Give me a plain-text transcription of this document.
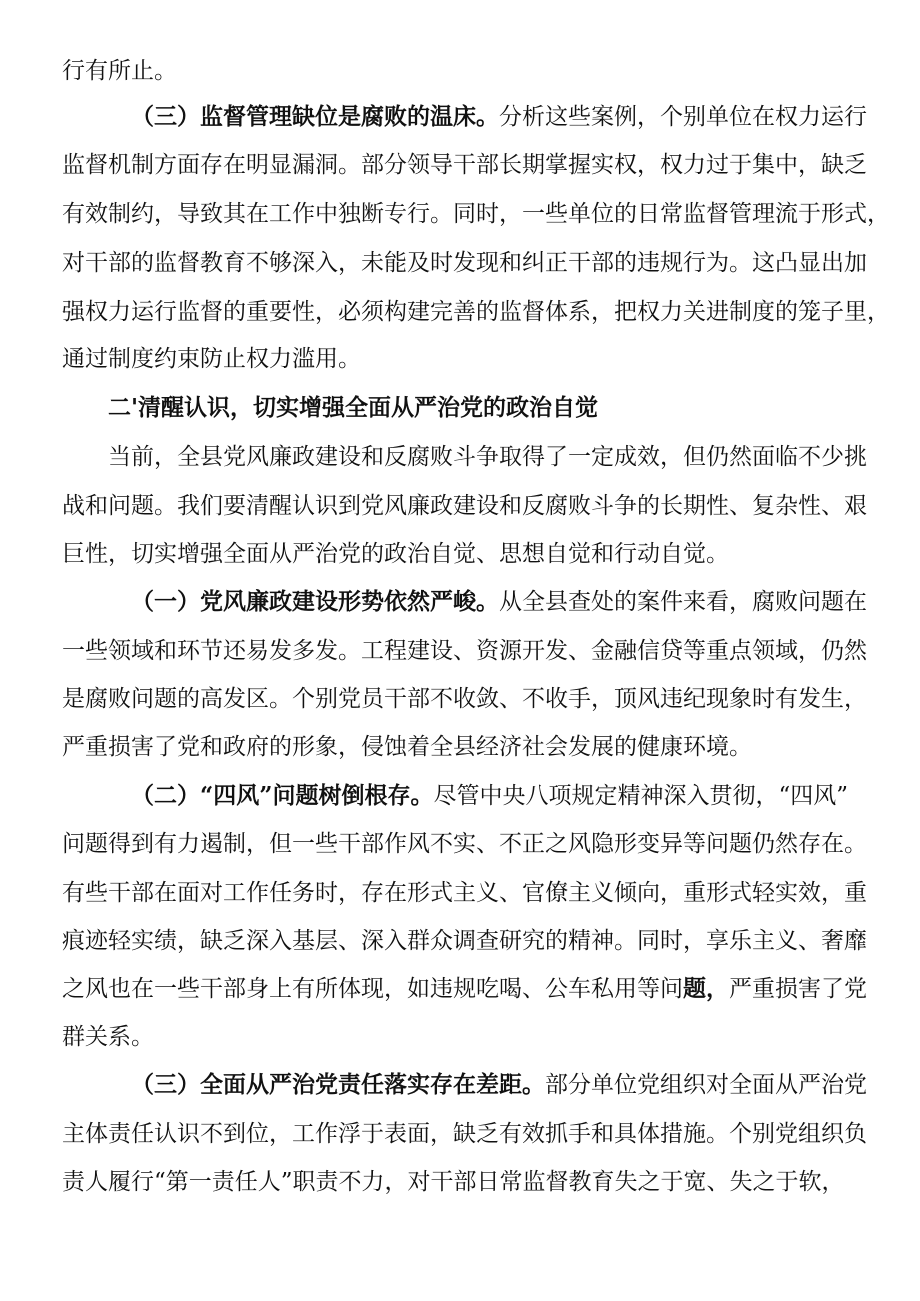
行有所止。
（三）监督管理缺位是腐败的温床。分析这些案例，个别单位在权力运行
监督机制方面存在明显漏洞。部分领导干部长期掌握实权，权力过于集中，缺乏
有效制约，导致其在工作中独断专行。同时，一些单位的日常监督管理流于形式，
对干部的监督教育不够深入，未能及时发现和纠正干部的违规行为。这凸显出加
强权力运行监督的重要性，必须构建完善的监督体系，把权力关进制度的笼子里，
通过制度约束防止权力滥用。
二'清醒认识，切实增强全面从严治党的政治自觉
当前，全县党风廉政建设和反腐败斗争取得了一定成效，但仍然面临不少挑
战和问题。我们要清醒认识到党风廉政建设和反腐败斗争的长期性、复杂性、艰
巨性，切实增强全面从严治党的政治自觉、思想自觉和行动自觉。
（一）党风廉政建设形势依然严峻。从全县查处的案件来看，腐败问题在
一些领域和环节还易发多发。工程建设、资源开发、金融信贷等重点领域，仍然
是腐败问题的高发区。个别党员干部不收敛、不收手，顶风违纪现象时有发生，
严重损害了党和政府的形象，侵蚀着全县经济社会发展的健康环境。
（二）“四风”问题树倒根存。尽管中央八项规定精神深入贯彻，“四风”
问题得到有力遏制，但一些干部作风不实、不正之风隐形变异等问题仍然存在。
有些干部在面对工作任务时，存在形式主义、官僚主义倾向，重形式轻实效，重
痕迹轻实绩，缺乏深入基层、深入群众调查研究的精神。同时，享乐主义、奢靡
之风也在一些干部身上有所体现，如违规吃喝、公车私用等问题，严重损害了党
群关系。
（三）全面从严治党责任落实存在差距。部分单位党组织对全面从严治党
主体责任认识不到位，工作浮于表面，缺乏有效抓手和具体措施。个别党组织负
责人履行“第一责任人”职责不力，对干部日常监督教育失之于宽、失之于软，
